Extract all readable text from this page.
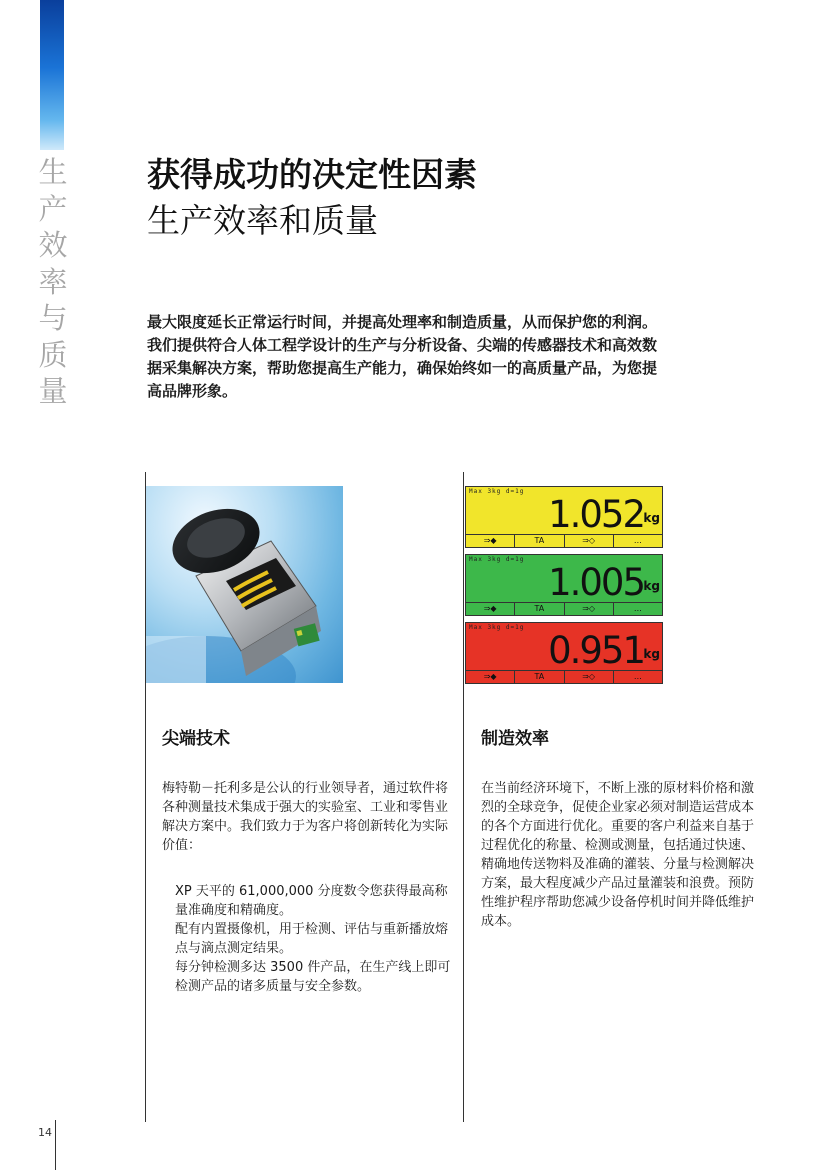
生
产
效
率
与
质
量
获得成功的决定性因素
生产效率和质量

最大限度延长正常运行时间，并提高处理率和制造质量，从而保护您的利润。我们提供符合人体工程学设计的生产与分析设备、尖端的传感器技术和高效数据采集解决方案，帮助您提高生产能力，确保始终如一的高质量产品，为您提高品牌形象。

Max 3kg d=1g
1.052 kg
⇒◆	TA	⇒◇	…
Max 3kg d=1g
1.005 kg
⇒◆	TA	⇒◇	…
Max 3kg d=1g
0.951 kg
⇒◆	TA	⇒◇	…
尖端技术

梅特勒－托利多是公认的行业领导者，通过软件将各种测量技术集成于强大的实验室、工业和零售业解决方案中。我们致力于为客户将创新转化为实际价值：

XP 天平的 61,000,000 分度数令您获得最高称量准确度和精确度。
配有内置摄像机，用于检测、评估与重新播放熔点与滴点测定结果。
每分钟检测多达 3500 件产品，在生产线上即可检测产品的诸多质量与安全参数。
制造效率

在当前经济环境下，不断上涨的原材料价格和激烈的全球竞争，促使企业家必须对制造运营成本的各个方面进行优化。重要的客户利益来自基于过程优化的称量、检测或测量，包括通过快速、精确地传送物料及准确的灌装、分量与检测解决方案，最大程度减少产品过量灌装和浪费。预防性维护程序帮助您减少设备停机时间并降低维护成本。

14
